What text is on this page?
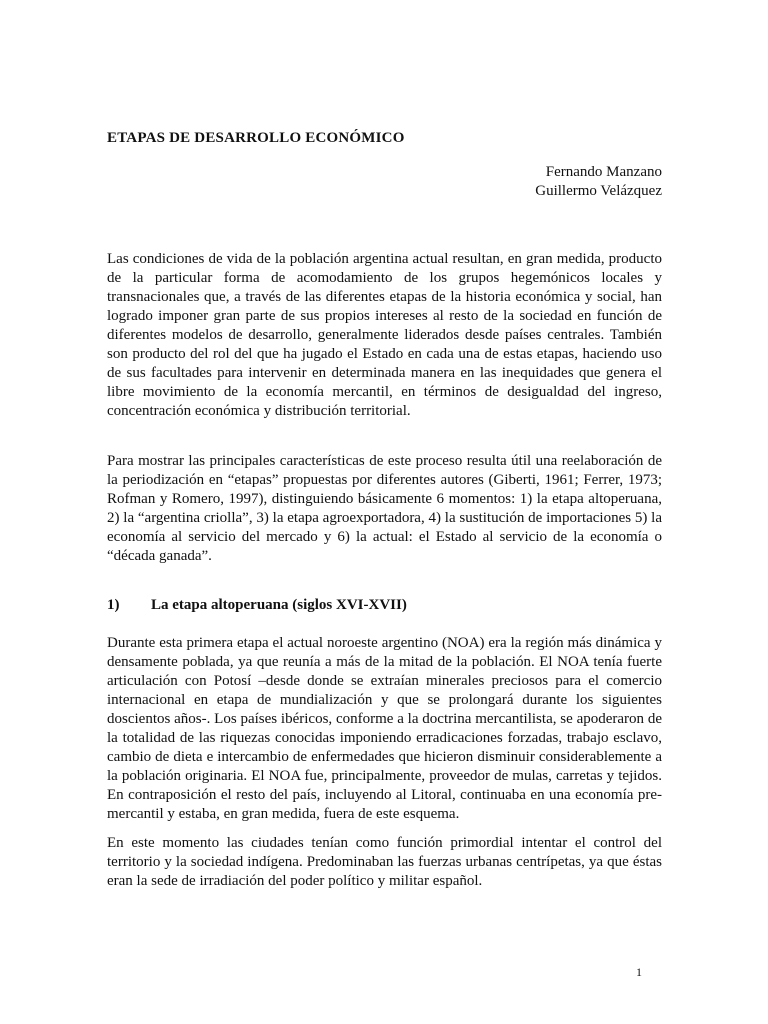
ETAPAS DE DESARROLLO ECONÓMICO
Fernando Manzano
Guillermo Velázquez

Las condiciones de vida de la población argentina actual resultan, en gran medida, producto de la particular forma de acomodamiento de los grupos hegemónicos locales y transnacionales que, a través de las diferentes etapas de la historia económica y social, han logrado imponer gran parte de sus propios intereses al resto de la sociedad en función de diferentes modelos de desarrollo, generalmente liderados desde países centrales. También son producto del rol del que ha jugado el Estado en cada una de estas etapas, haciendo uso de sus facultades para intervenir en determinada manera en las inequidades que genera el libre movimiento de la economía mercantil, en términos de desigualdad del ingreso, concentración económica y distribución territorial.

Para mostrar las principales características de este proceso resulta útil una reelaboración de la periodización en “etapas” propuestas por diferentes autores (Giberti, 1961; Ferrer, 1973; Rofman y Romero, 1997), distinguiendo básicamente 6 momentos: 1) la etapa altoperuana, 2) la “argentina criolla”, 3) la etapa agroexportadora, 4) la sustitución de importaciones 5) la economía al servicio del mercado y 6) la actual: el Estado al servicio de la economía o “década ganada”.

1) La etapa altoperuana (siglos XVI-XVII)

Durante esta primera etapa el actual noroeste argentino (NOA) era la región más dinámica y densamente poblada, ya que reunía a más de la mitad de la población. El NOA tenía fuerte articulación con Potosí –desde donde se extraían minerales preciosos para el comercio internacional en etapa de mundialización y que se prolongará durante los siguientes doscientos años-. Los países ibéricos, conforme a la doctrina mercantilista, se apoderaron de la totalidad de las riquezas conocidas imponiendo erradicaciones forzadas, trabajo esclavo, cambio de dieta e intercambio de enfermedades que hicieron disminuir considerablemente a la población originaria. El NOA fue, principalmente, proveedor de mulas, carretas y tejidos. En contraposición el resto del país, incluyendo al Litoral, continuaba en una economía pre-mercantil y estaba, en gran medida, fuera de este esquema.

En este momento las ciudades tenían como función primordial intentar el control del territorio y la sociedad indígena. Predominaban las fuerzas urbanas centrípetas, ya que éstas eran la sede de irradiación del poder político y militar español.

1
